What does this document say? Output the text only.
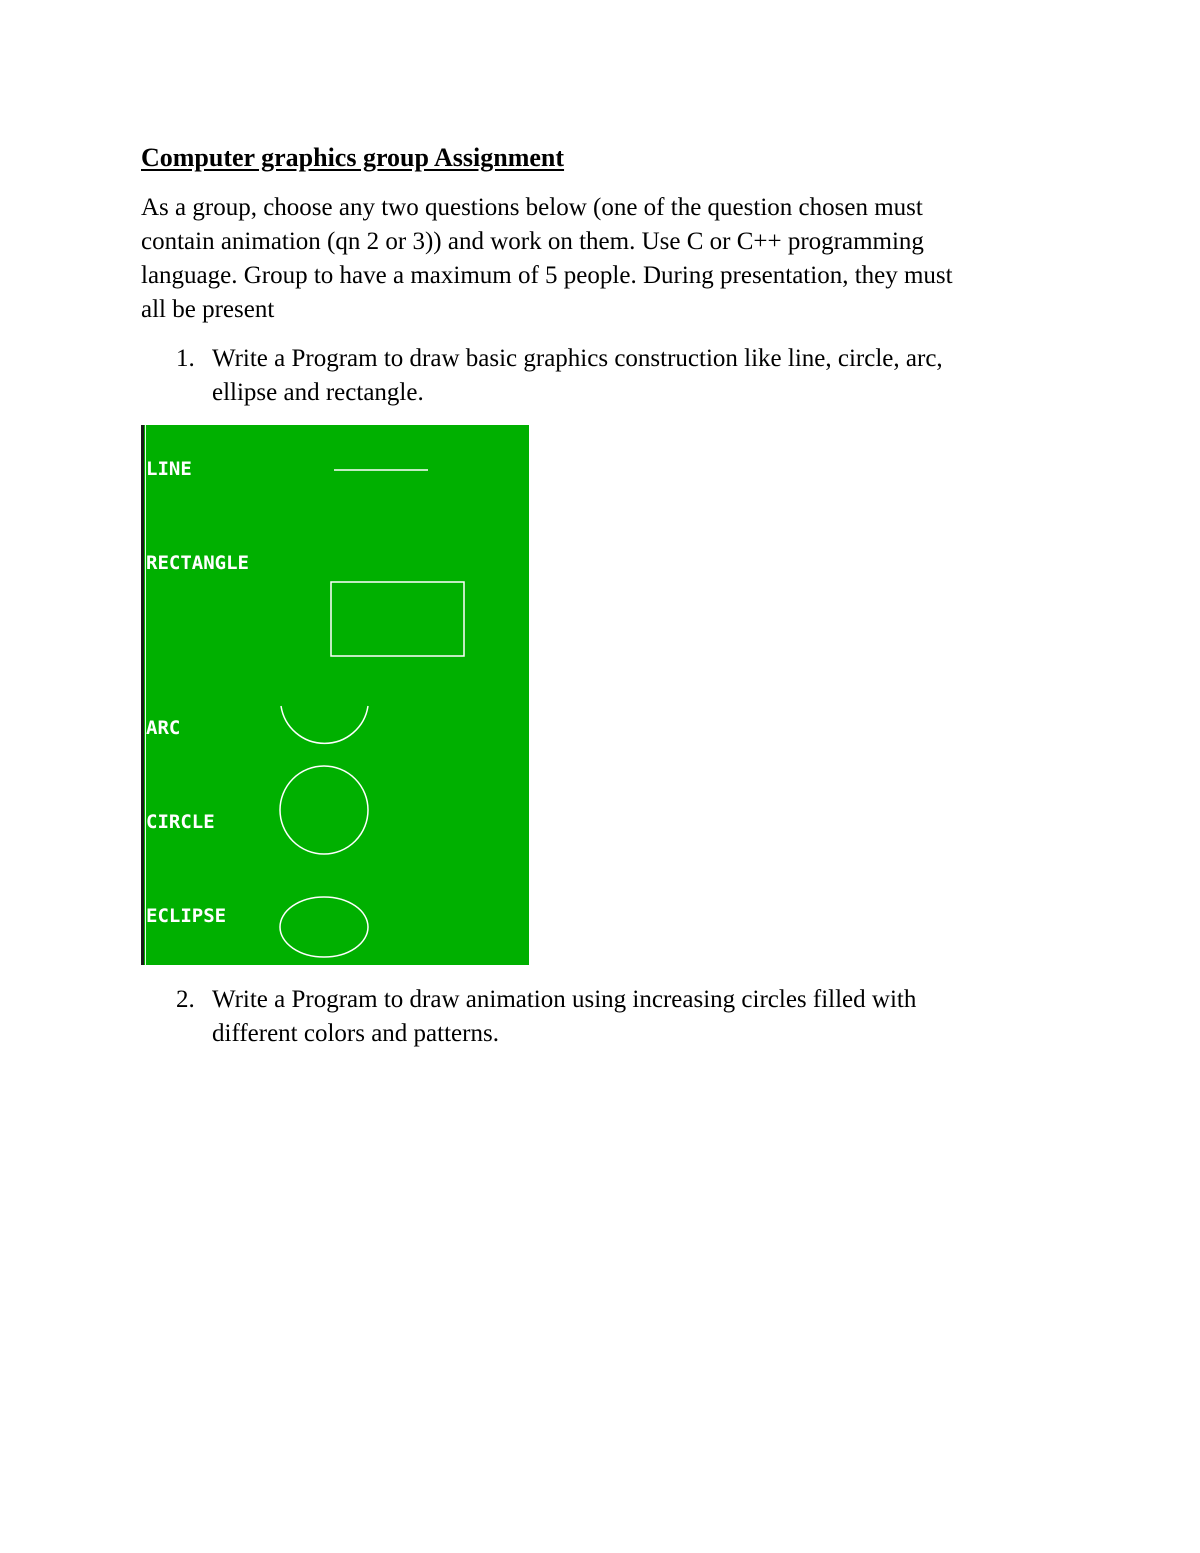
Computer graphics group Assignment

As a group, choose any two questions below (one of the question chosen must
contain animation (qn 2 or 3)) and work on them. Use C or C++ programming
language. Group to have a maximum of 5 people. During presentation, they must
all be present

1. Write a Program to draw basic graphics construction like line, circle, arc,
ellipse and rectangle.
LINE
RECTANGLE
ARC
CIRCLE
ECLIPSE
2. Write a Program to draw animation using increasing circles filled with
different colors and patterns.
